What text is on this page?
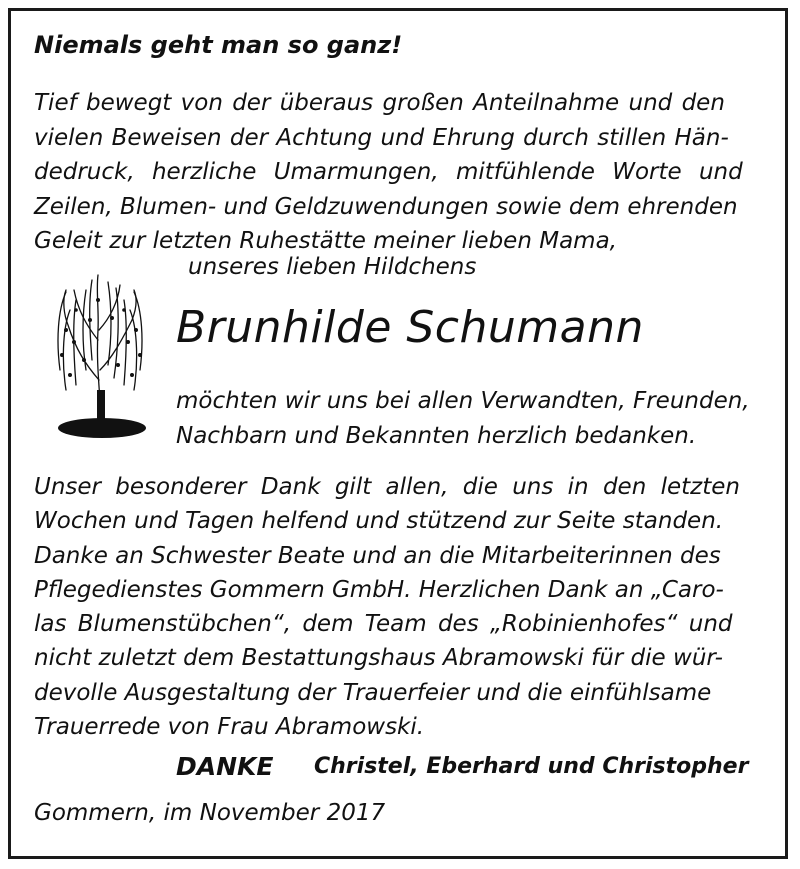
Niemals geht man so ganz!
Tief bewegt von der überaus großen Anteilnahme und den
vielen Beweisen der Achtung und Ehrung durch stillen Hän-
dedruck, herzliche Umarmungen, mitfühlende Worte und
Zeilen, Blumen- und Geldzuwendungen sowie dem ehrenden
Geleit zur letzten Ruhestätte meiner lieben Mama,
unseres lieben Hildchens
Brunhilde Schumann
möchten wir uns bei allen Verwandten, Freunden,
Nachbarn und Bekannten herzlich bedanken.
Unser besonderer Dank gilt allen, die uns in den letzten
Wochen und Tagen helfend und stützend zur Seite standen.
Danke an Schwester Beate und an die Mitarbeiterinnen des
Pflegedienstes Gommern GmbH. Herzlichen Dank an „Caro-
las Blumenstübchen“, dem Team des „Robinienhofes“ und
nicht zuletzt dem Bestattungshaus Abramowski für die wür-
devolle Ausgestaltung der Trauerfeier und die einfühlsame
Trauerrede von Frau Abramowski.
DANKE Christel, Eberhard und Christopher
Gommern, im November 2017
